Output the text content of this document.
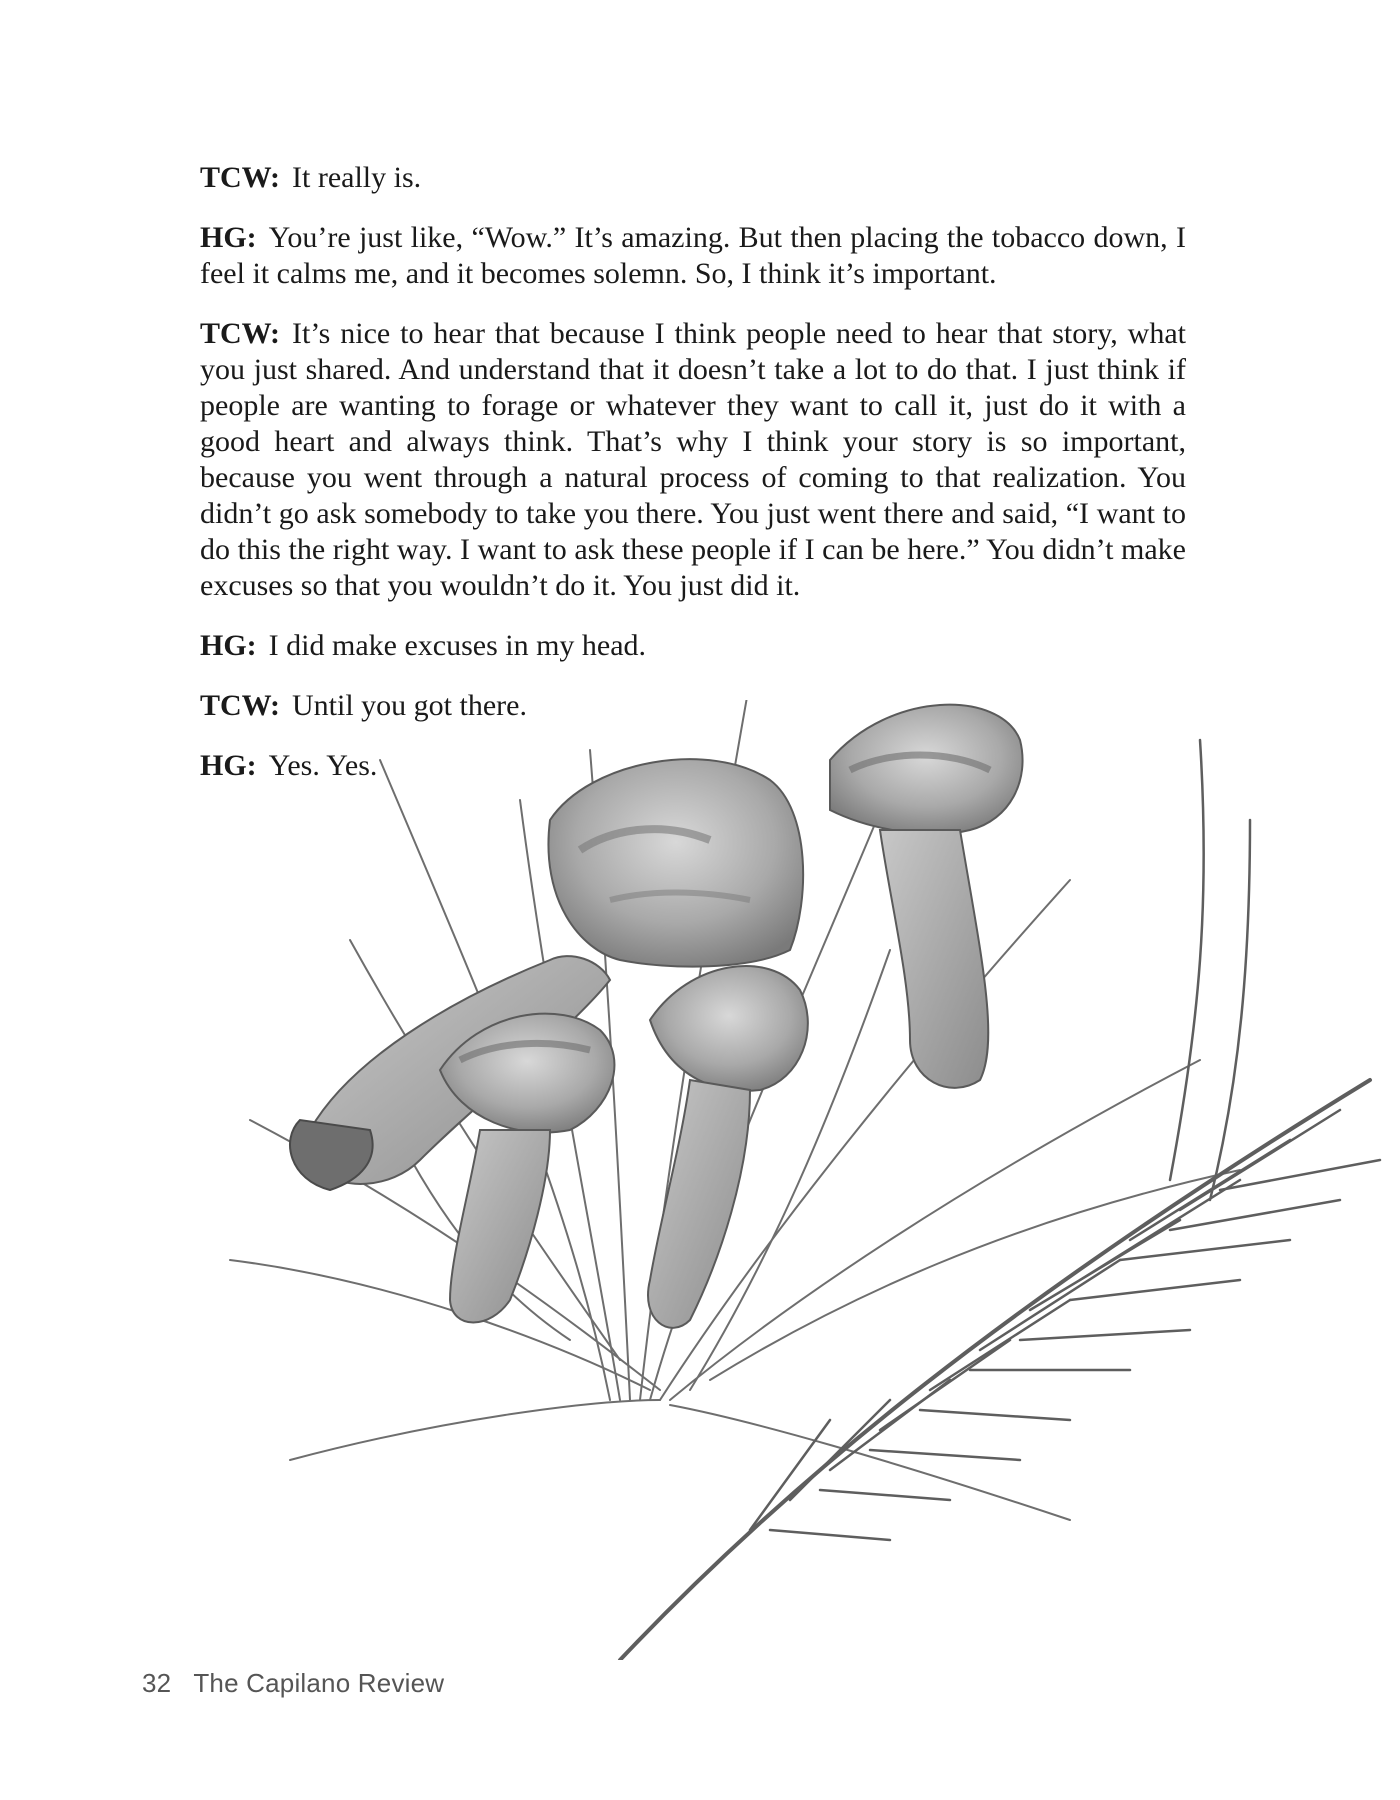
TCW: It really is.

HG: You’re just like, “Wow.” It’s amazing. But then placing the tobacco down, I feel it calms me, and it becomes solemn. So, I think it’s important.

TCW: It’s nice to hear that because I think people need to hear that story, what you just shared. And understand that it doesn’t take a lot to do that. I just think if people are wanting to forage or whatever they want to call it, just do it with a good heart and always think. That’s why I think your story is so important, because you went through a natural process of coming to that realization. You didn’t go ask somebody to take you there. You just went there and said, “I want to do this the right way. I want to ask these people if I can be here.” You didn’t make excuses so that you wouldn’t do it. You just did it.

HG: I did make excuses in my head.

TCW: Until you got there.

HG: Yes. Yes.

32 The Capilano Review
